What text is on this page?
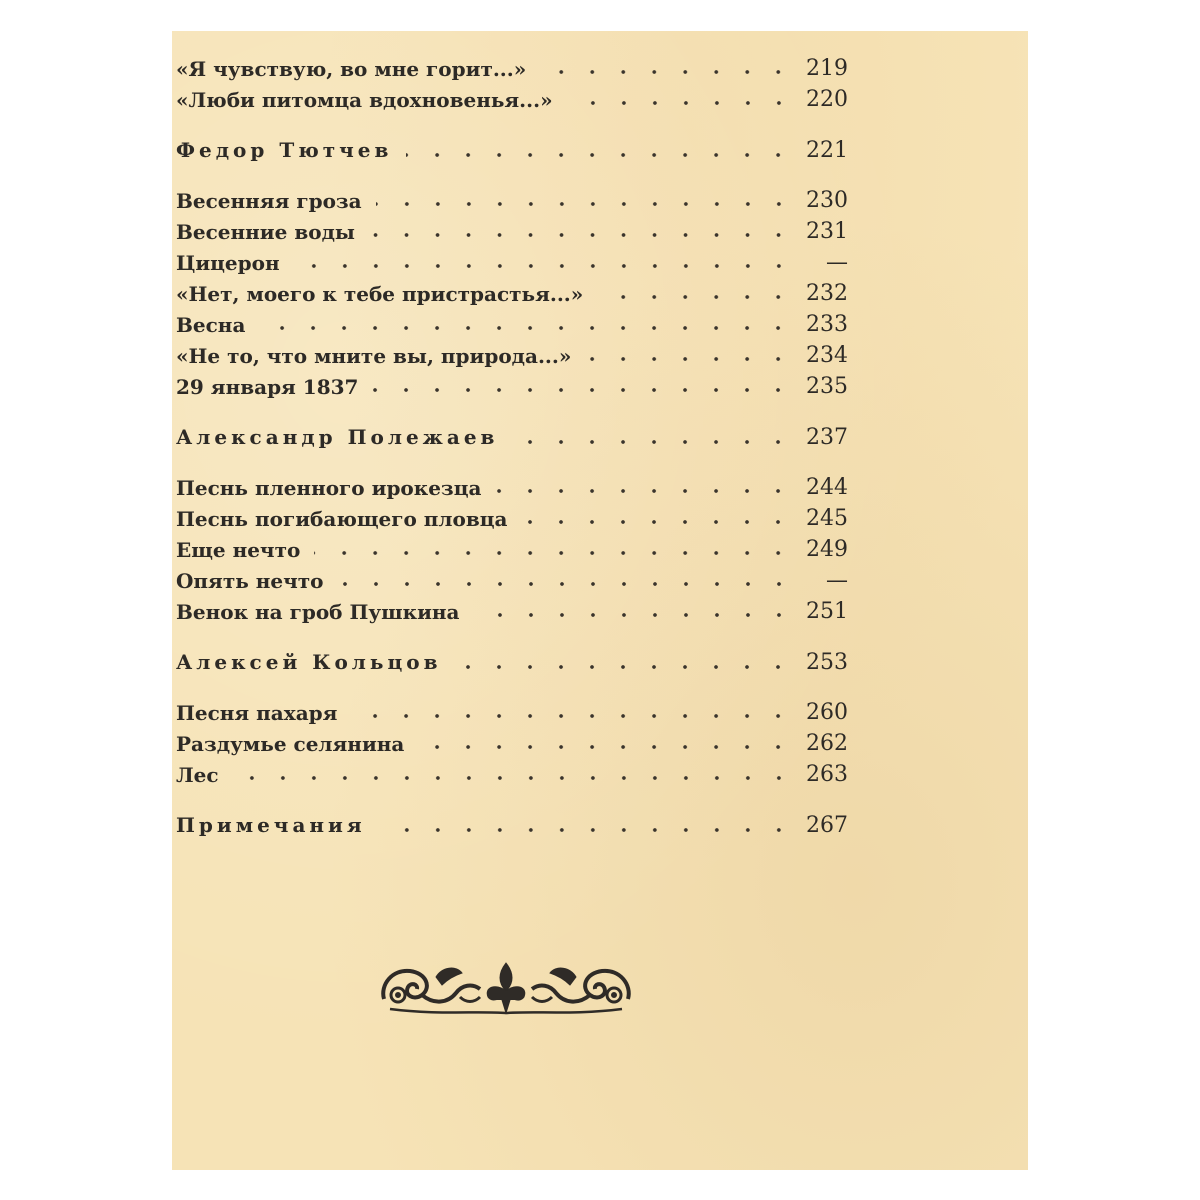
«Я чувствую, во мне горит...»	219
«Люби питомца вдохновенья...»	220
Федор Тютчев	221
Весенняя гроза	230
Весенние воды	231
Цицерон	—
«Нет, моего к тебе пристрастья...»	232
Весна	233
«Не то, что мните вы, природа...»	234
29 января 1837	235
Александр Полежаев	237
Песнь пленного ирокезца	244
Песнь погибающего пловца	245
Еще нечто	249
Опять нечто	—
Венок на гроб Пушкина	251
Алексей Кольцов	253
Песня пахаря	260
Раздумье селянина	262
Лес	263
Примечания	267
